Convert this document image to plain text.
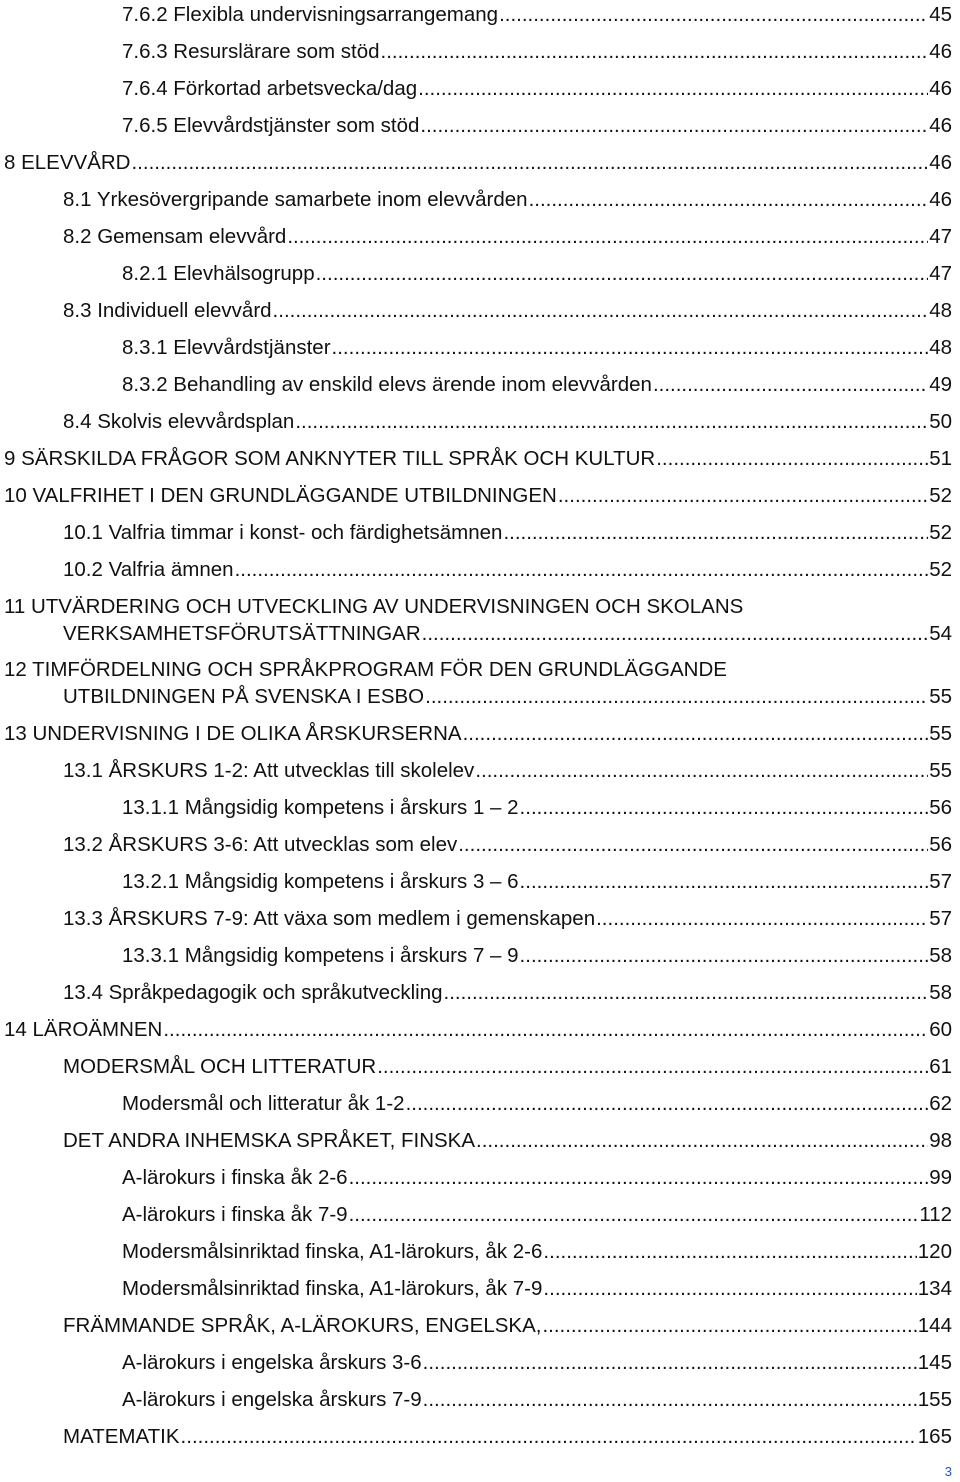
7.6.2 Flexibla undervisningsarrangemang .....	45
7.6.3 Resurslärare som stöd .....	46
7.6.4 Förkortad arbetsvecka/dag .....	46
7.6.5 Elevvårdstjänster som stöd .....	46
8 ELEVVÅRD .....	46
8.1 Yrkesövergripande samarbete inom elevvården .....	46
8.2 Gemensam elevvård .....	47
8.2.1 Elevhälsogrupp .....	47
8.3 Individuell elevvård .....	48
8.3.1 Elevvårdstjänster .....	48
8.3.2 Behandling av enskild elevs ärende inom elevvården .....	49
8.4 Skolvis elevvårdsplan .....	50
9 SÄRSKILDA FRÅGOR SOM ANKNYTER TILL SPRÅK OCH KULTUR .....	51
10 VALFRIHET I DEN GRUNDLÄGGANDE UTBILDNINGEN .....	52
10.1 Valfria timmar i konst- och färdighetsämnen .....	52
10.2 Valfria ämnen .....	52
11 UTVÄRDERING OCH UTVECKLING AV UNDERVISNINGEN OCH SKOLANS
VERKSAMHETSFÖRUTSÄTTNINGAR .....	54
12 TIMFÖRDELNING OCH SPRÅKPROGRAM FÖR DEN GRUNDLÄGGANDE
UTBILDNINGEN PÅ SVENSKA I ESBO .....	55
13 UNDERVISNING I DE OLIKA ÅRSKURSERNA .....	55
13.1 ÅRSKURS 1-2: Att utvecklas till skolelev .....	55
13.1.1 Mångsidig kompetens i årskurs 1 – 2 .....	56
13.2 ÅRSKURS 3-6: Att utvecklas som elev .....	56
13.2.1 Mångsidig kompetens i årskurs 3 – 6 .....	57
13.3 ÅRSKURS 7-9: Att växa som medlem i gemenskapen .....	57
13.3.1 Mångsidig kompetens i årskurs 7 – 9 .....	58
13.4 Språkpedagogik och språkutveckling .....	58
14 LÄROÄMNEN .....	60
MODERSMÅL OCH LITTERATUR .....	61
Modersmål och litteratur åk 1-2 .....	62
DET ANDRA INHEMSKA SPRÅKET, FINSKA .....	98
A-lärokurs i finska åk 2-6 .....	99
A-lärokurs i finska åk 7-9 .....	112
Modersmålsinriktad finska, A1-lärokurs, åk 2-6 .....	120
Modersmålsinriktad finska, A1-lärokurs, åk 7-9 .....	134
FRÄMMANDE SPRÅK, A-LÄROKURS, ENGELSKA, .....	144
A-lärokurs i engelska årskurs 3-6 .....	145
A-lärokurs i engelska årskurs 7-9 .....	155
MATEMATIK .....	165
3
